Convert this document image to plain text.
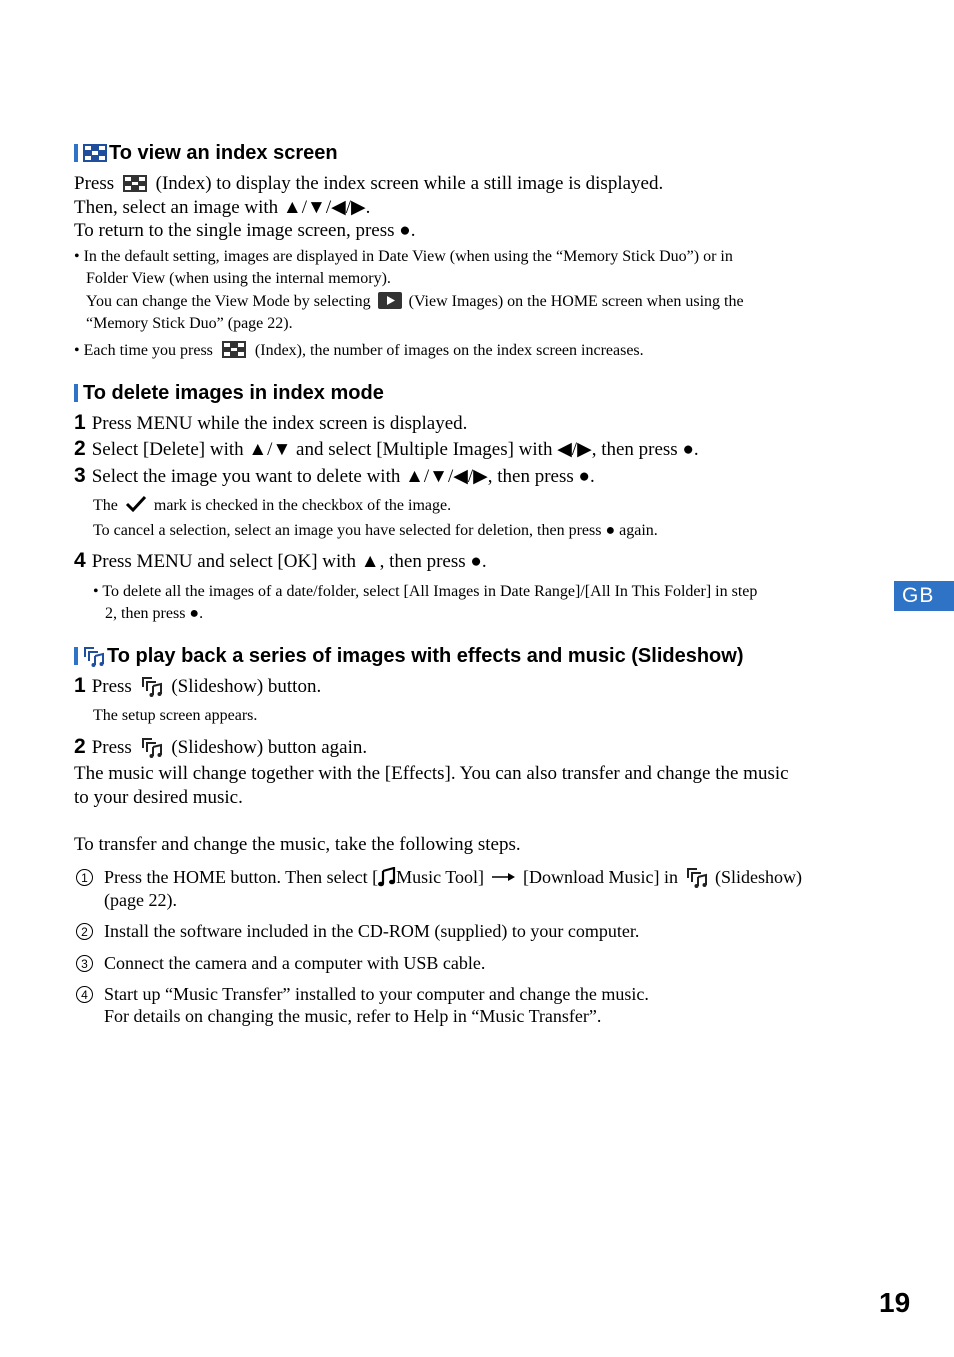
To view an index screen
Press (Index) to display the index screen while a still image is displayed.
Then, select an image with ▲/▼/◀/▶.
To return to the single image screen, press ●.
• In the default setting, images are displayed in Date View (when using the “Memory Stick Duo”) or in
Folder View (when using the internal memory).
You can change the View Mode by selecting (View Images) on the HOME screen when using the
“Memory Stick Duo” (page 22).
• Each time you press	(Index), the number of images on the index screen increases.
To delete images in index mode
1 Press MENU while the index screen is displayed.
2 Select [Delete] with ▲/▼ and select [Multiple Images] with ◀/▶, then press ●.
3 Select the image you want to delete with ▲/▼/◀/▶, then press ●.
The mark is checked in the checkbox of the image.
To cancel a selection, select an image you have selected for deletion, then press ● again.
4 Press MENU and select [OK] with ▲, then press ●.
• To delete all the images of a date/folder, select [All Images in Date Range]/[All In This Folder] in step
2, then press ●.
To play back a series of images with effects and music (Slideshow)
1 Press (Slideshow) button.
The setup screen appears.
2 Press (Slideshow) button again.
The music will change together with the [Effects]. You can also transfer and change the music
to your desired music.
To transfer and change the music, take the following steps.
1 Press the HOME button. Then select [ Music Tool] [Download Music] in (Slideshow)
(page 22).
2 Install the software included in the CD-ROM (supplied) to your computer.
3 Connect the camera and a computer with USB cable.
4 Start up “Music Transfer” installed to your computer and change the music.
For details on changing the music, refer to Help in “Music Transfer”.
GB
19
